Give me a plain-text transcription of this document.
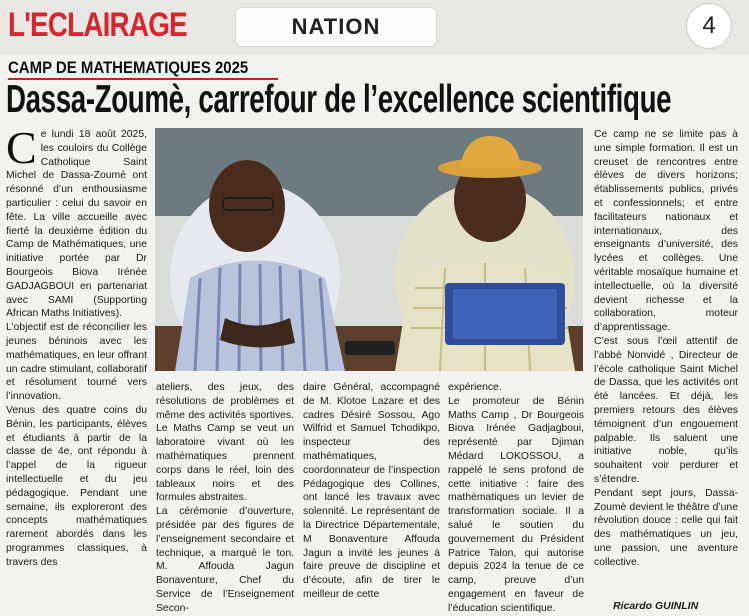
L'ECLAIRAGE	NATION	4
CAMP DE MATHEMATIQUES 2025
Dassa-Zoumè, carrefour de l’excellence scientifique
C e lundi 18 août 2025, les couloirs du Collège Catholique Saint Michel de Dassa-Zoumè ont résonné d’un enthousiasme particulier : celui du savoir en fête. La ville accueille avec fierté la deuxième édition du Camp de Mathématiques, une initiative portée par Dr Bourgeois Biova Irénée GADJAGBOUI en partenariat avec SAMI (Supporting African Maths Initiatives).

L’objectif est de réconcilier les jeunes béninois avec les mathématiques, en leur offrant un cadre stimulant, collaboratif et résolument tourné vers l’innovation.

Venus des quatre coins du Bénin, les participants, élèves et étudiants à partir de la classe de 4e, ont répondu à l’appel de la rigueur intellectuelle et du jeu pédagogique. Pendant une semaine, ils exploreront des concepts mathématiques rarement abordés dans les programmes classiques, à travers des

ateliers, des jeux, des résolutions de problèmes et même des activités sportives. Le Maths Camp se veut un laboratoire vivant où les mathématiques prennent corps dans le réel, loin des tableaux noirs et des formules abstraites.

La cérémonie d’ouverture, présidée par des figures de l’enseignement secondaire et technique, a marqué le ton. M. Affouda Jagun Bonaventure, Chef du Service de l’Enseignement Secon-

daire Général, accompagné de M. Klotoe Lazare et des cadres Désiré Sossou, Ago Wilfrid et Samuel Tchodikpo, inspecteur des mathématiques, coordonnateur de l’inspection Pédagogique des Collines, ont lancé les travaux avec solennité. Le représentant de la Directrice Départementale, M Bonaventure Affouda Jagun a invité les jeunes à faire preuve de discipline et d’écoute, afin de tirer le meilleur de cette

expérience.

Le promoteur de Bénin Maths Camp , Dr Bourgeois Biova Irénée Gadjagboui, représenté par Djiman Médard LOKOSSOU, a rappelé le sens profond de cette initiative : faire des mathématiques un levier de transformation sociale. Il a salué le soutien du gouvernement du Président Patrice Talon, qui autorise depuis 2024 la tenue de ce camp, preuve d’un engagement en faveur de l’éducation scientifique.

Ce camp ne se limite pas à une simple formation. Il est un creuset de rencontres entre élèves de divers horizons; établissements publics, privés et confessionnels; et entre facilitateurs nationaux et internationaux, des enseignants d’université, des lycées et collèges. Une véritable mosaïque humaine et intellectuelle, où la diversité devient richesse et la collaboration, moteur d’apprentissage.

C’est sous l’œil attentif de l’abbé Nonvidé , Directeur de l’école catholique Saint Michel de Dassa, que les activités ont été lancées. Et déjà, les premiers retours des élèves témoignent d’un engouement palpable. Ils saluent une initiative noble, qu’ils souhaitent voir perdurer et s’étendre.

Pendant sept jours, Dassa-Zoumè devient le théâtre d’une révolution douce : celle qui fait des mathématiques un jeu, une passion, une aventure collective.

Ricardo GUINLIN
